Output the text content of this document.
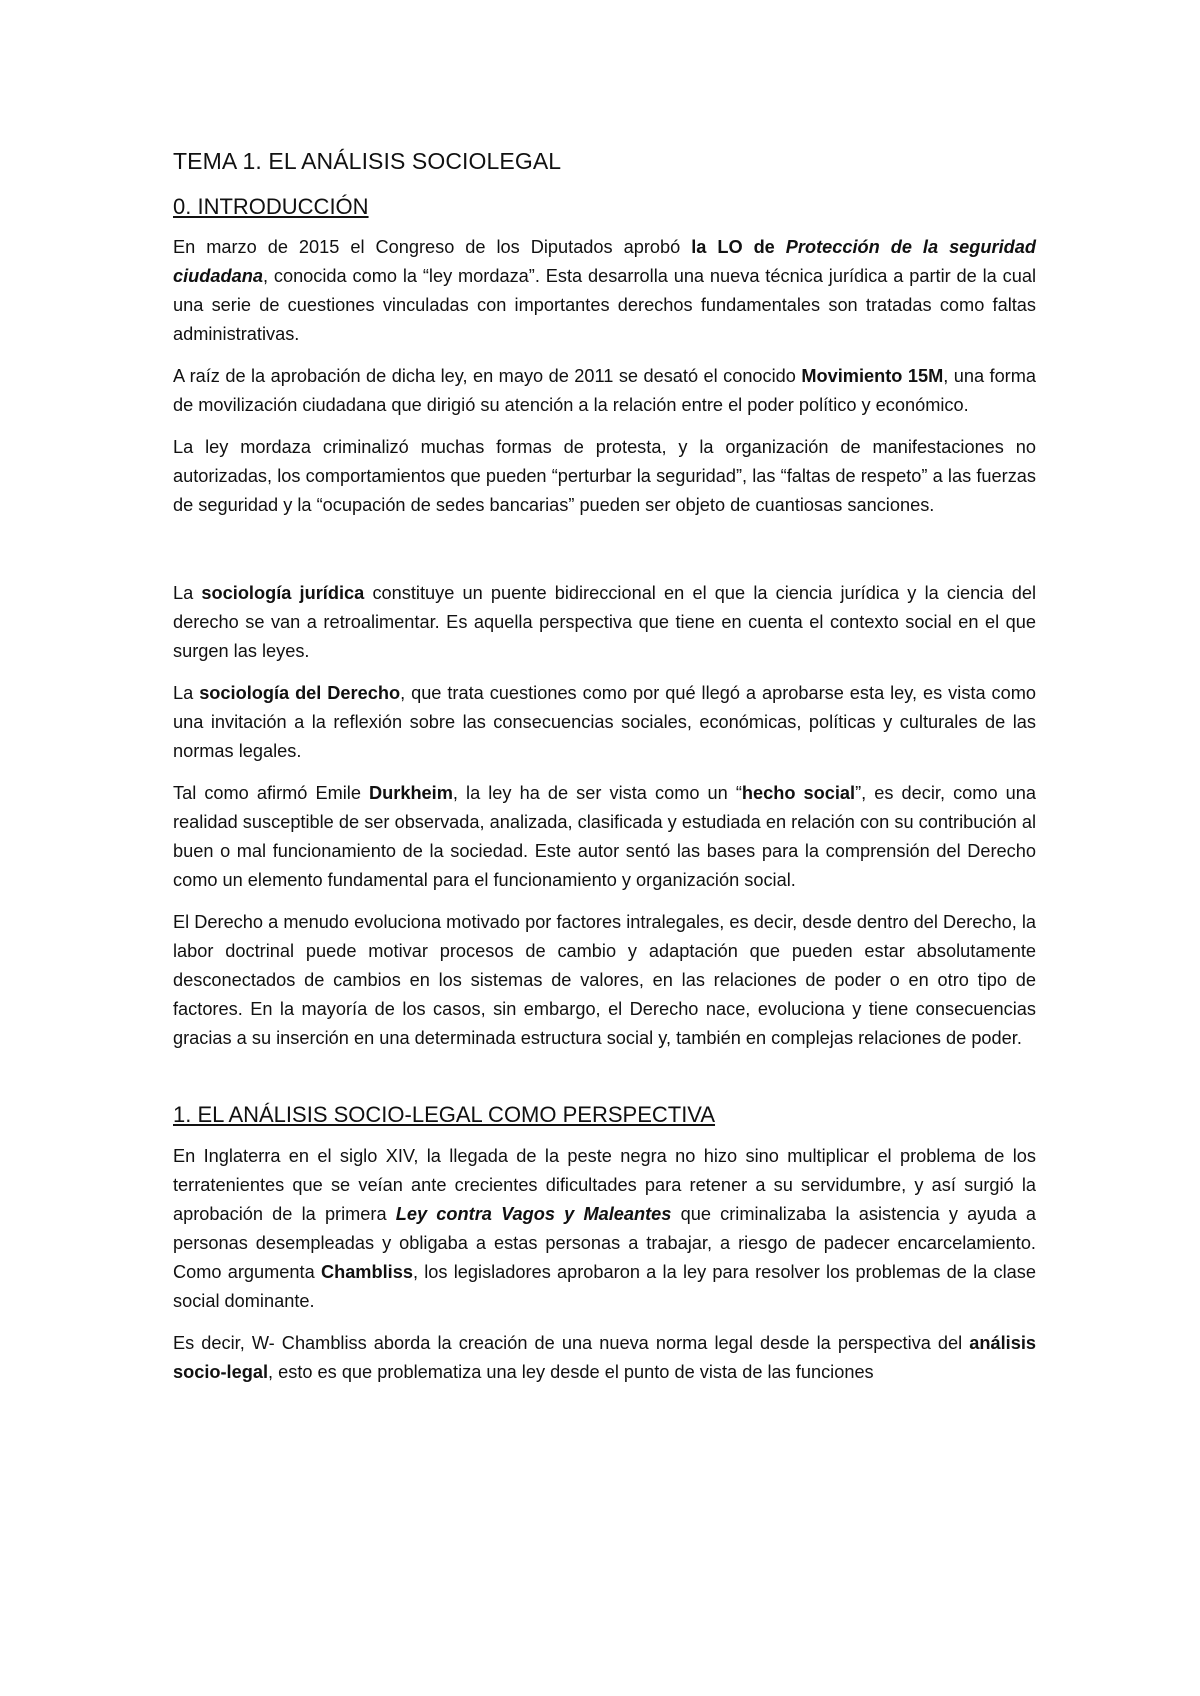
TEMA 1. EL ANÁLISIS SOCIOLEGAL
0. INTRODUCCIÓN

En marzo de 2015 el Congreso de los Diputados aprobó la LO de Protección de la seguridad ciudadana, conocida como la “ley mordaza”. Esta desarrolla una nueva técnica jurídica a partir de la cual una serie de cuestiones vinculadas con importantes derechos fundamentales son tratadas como faltas administrativas.

A raíz de la aprobación de dicha ley, en mayo de 2011 se desató el conocido Movimiento 15M, una forma de movilización ciudadana que dirigió su atención a la relación entre el poder político y económico.

La ley mordaza criminalizó muchas formas de protesta, y la organización de manifestaciones no autorizadas, los comportamientos que pueden “perturbar la seguridad”, las “faltas de respeto” a las fuerzas de seguridad y la “ocupación de sedes bancarias” pueden ser objeto de cuantiosas sanciones.

La sociología jurídica constituye un puente bidireccional en el que la ciencia jurídica y la ciencia del derecho se van a retroalimentar. Es aquella perspectiva que tiene en cuenta el contexto social en el que surgen las leyes.

La sociología del Derecho, que trata cuestiones como por qué llegó a aprobarse esta ley, es vista como una invitación a la reflexión sobre las consecuencias sociales, económicas, políticas y culturales de las normas legales.

Tal como afirmó Emile Durkheim, la ley ha de ser vista como un “hecho social”, es decir, como una realidad susceptible de ser observada, analizada, clasificada y estudiada en relación con su contribución al buen o mal funcionamiento de la sociedad. Este autor sentó las bases para la comprensión del Derecho como un elemento fundamental para el funcionamiento y organización social.

El Derecho a menudo evoluciona motivado por factores intralegales, es decir, desde dentro del Derecho, la labor doctrinal puede motivar procesos de cambio y adaptación que pueden estar absolutamente desconectados de cambios en los sistemas de valores, en las relaciones de poder o en otro tipo de factores. En la mayoría de los casos, sin embargo, el Derecho nace, evoluciona y tiene consecuencias gracias a su inserción en una determinada estructura social y, también en complejas relaciones de poder.

1. EL ANÁLISIS SOCIO-LEGAL COMO PERSPECTIVA

En Inglaterra en el siglo XIV, la llegada de la peste negra no hizo sino multiplicar el problema de los terratenientes que se veían ante crecientes dificultades para retener a su servidumbre, y así surgió la aprobación de la primera Ley contra Vagos y Maleantes que criminalizaba la asistencia y ayuda a personas desempleadas y obligaba a estas personas a trabajar, a riesgo de padecer encarcelamiento. Como argumenta Chambliss, los legisladores aprobaron a la ley para resolver los problemas de la clase social dominante.

Es decir, W- Chambliss aborda la creación de una nueva norma legal desde la perspectiva del análisis socio-legal, esto es que problematiza una ley desde el punto de vista de las funciones
